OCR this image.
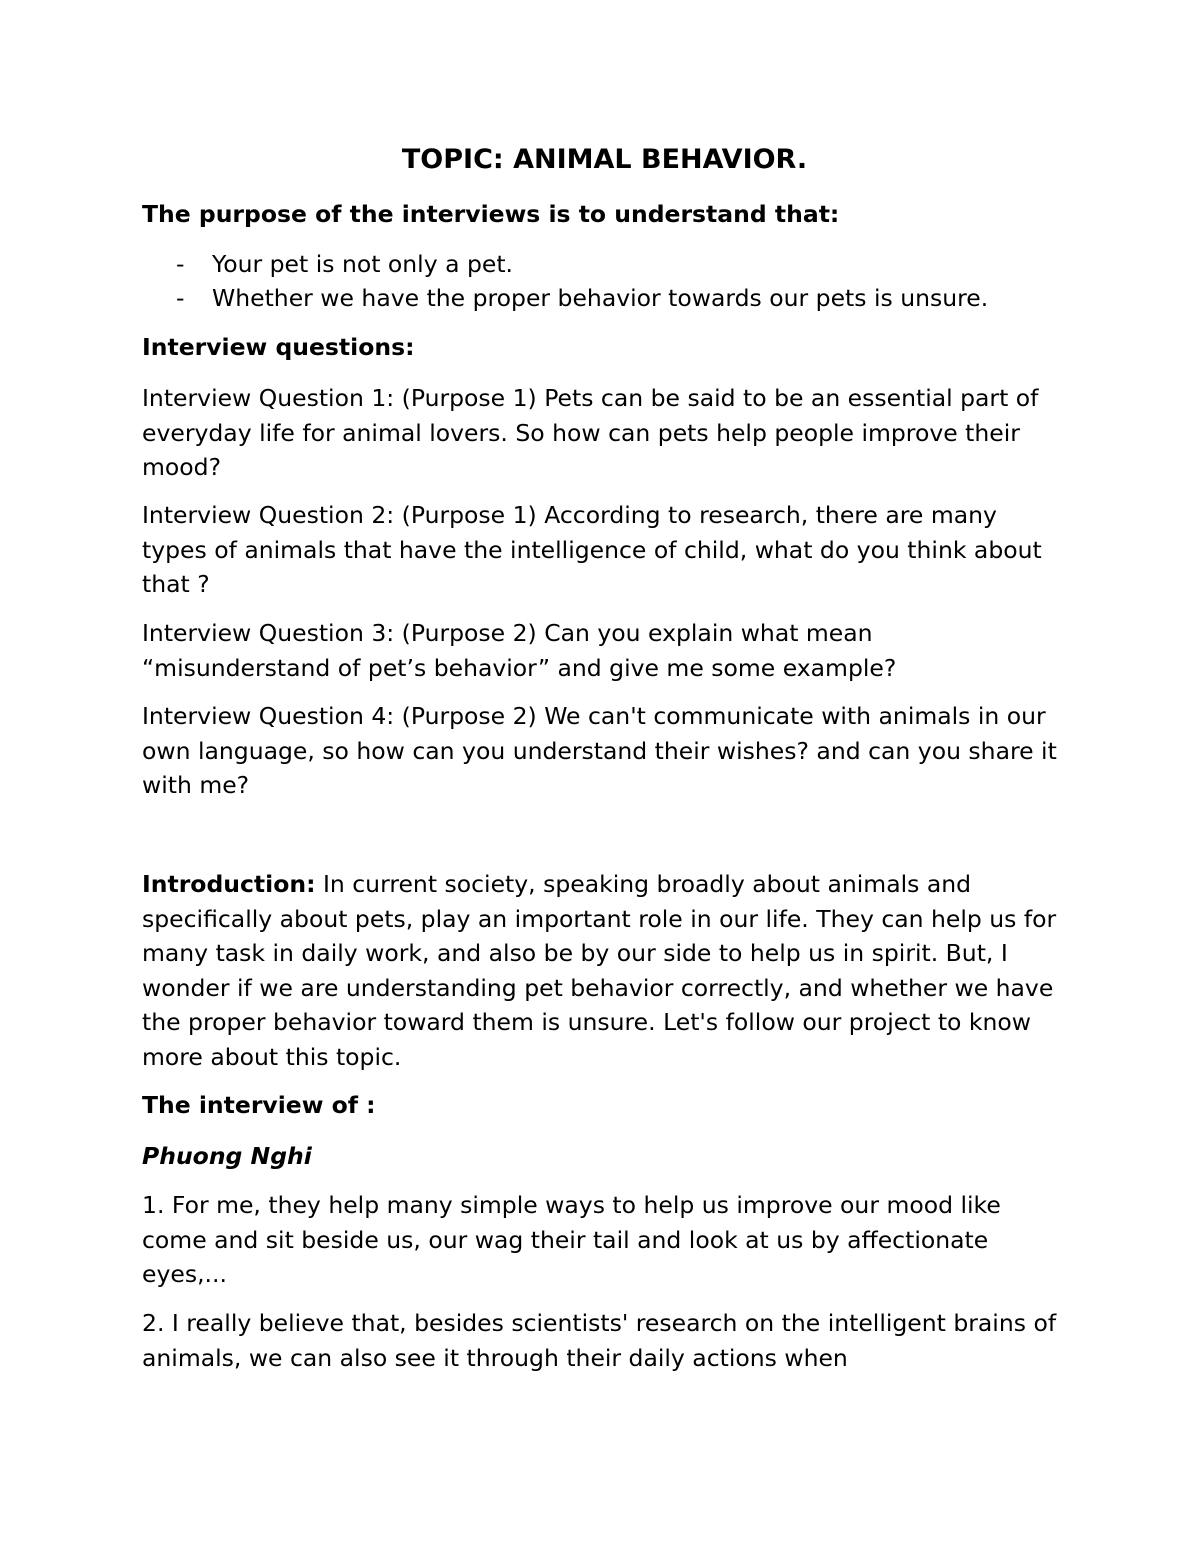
TOPIC: ANIMAL BEHAVIOR.

The purpose of the interviews is to understand that:

- Your pet is not only a pet.
- Whether we have the proper behavior towards our pets is unsure.

Interview questions:

Interview Question 1: (Purpose 1) Pets can be said to be an essential part of everyday life for animal lovers. So how can pets help people improve their mood?

Interview Question 2: (Purpose 1) According to research, there are many types of animals that have the intelligence of child, what do you think about that ?

Interview Question 3: (Purpose 2) Can you explain what mean “misunderstand of pet’s behavior” and give me some example?

Interview Question 4: (Purpose 2) We can't communicate with animals in our own language, so how can you understand their wishes? and can you share it with me?

Introduction: In current society, speaking broadly about animals and specifically about pets, play an important role in our life. They can help us for many task in daily work, and also be by our side to help us in spirit. But, I wonder if we are understanding pet behavior correctly, and whether we have the proper behavior toward them is unsure. Let's follow our project to know more about this topic.

The interview of :

Phuong Nghi

1. For me, they help many simple ways to help us improve our mood like come and sit beside us, our wag their tail and look at us by affectionate eyes,...

2. I really believe that, besides scientists' research on the intelligent brains of animals, we can also see it through their daily actions when
